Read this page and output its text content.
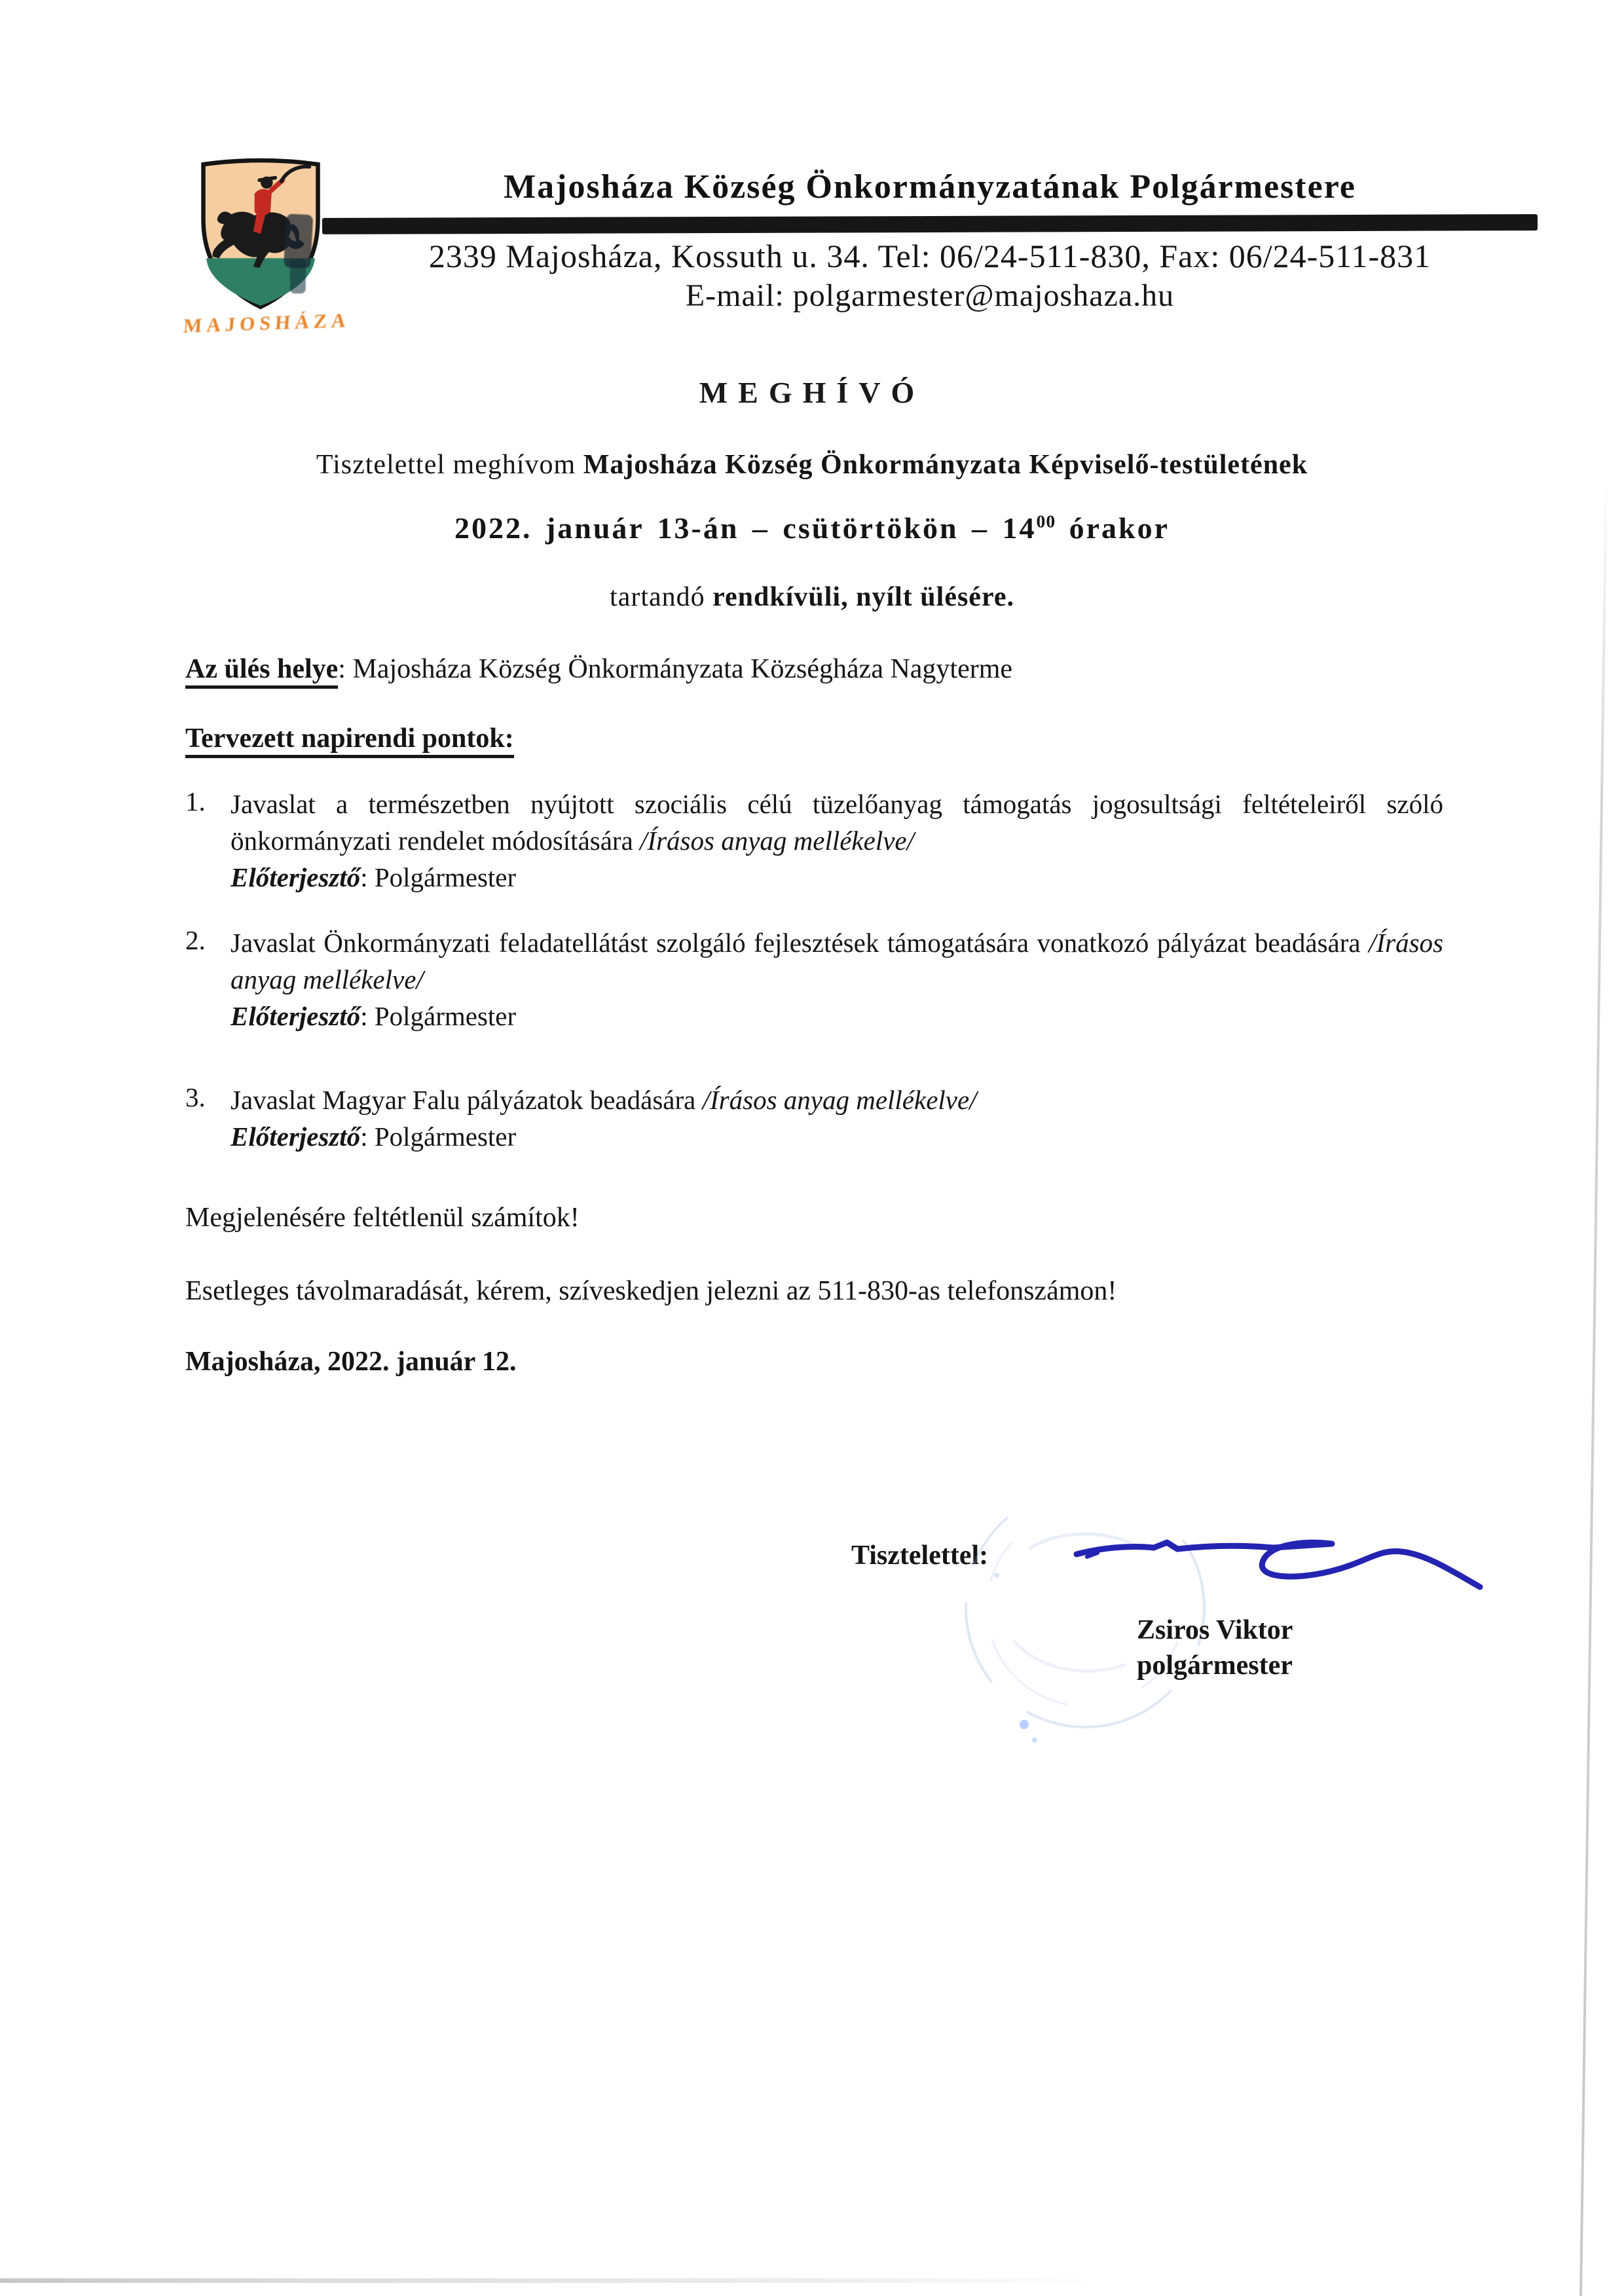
MAJOSHÁZA
Majosháza Község Önkormányzatának Polgármestere
2339 Majosháza, Kossuth u. 34. Tel: 06/24-511-830, Fax: 06/24-511-831
E-mail: polgarmester@majoshaza.hu
MEGHÍVÓ
Tisztelettel meghívom Majosháza Község Önkormányzata Képviselő-testületének
2022. január 13-án – csütörtökön – $14^{00}$ órakor
tartandó rendkívüli, nyílt ülésére.
Az ülés helye: Majosháza Község Önkormányzata Községháza Nagyterme
Tervezett napirendi pontok:
1. Javaslat a természetben nyújtott szociális célú tüzelőanyag támogatás jogosultsági feltételeiről szóló önkormányzati rendelet módosítására /Írásos anyag mellékelve/
Előterjesztő: Polgármester
2. Javaslat Önkormányzati feladatellátást szolgáló fejlesztések támogatására vonatkozó pályázat beadására /Írásos anyag mellékelve/
Előterjesztő: Polgármester
3. Javaslat Magyar Falu pályázatok beadására /Írásos anyag mellékelve/
Előterjesztő: Polgármester
Megjelenésére feltétlenül számítok!
Esetleges távolmaradását, kérem, szíveskedjen jelezni az 511-830-as telefonszámon!
Majosháza, 2022. január 12.
Tisztelettel:
Zsiros Viktor
polgármester
